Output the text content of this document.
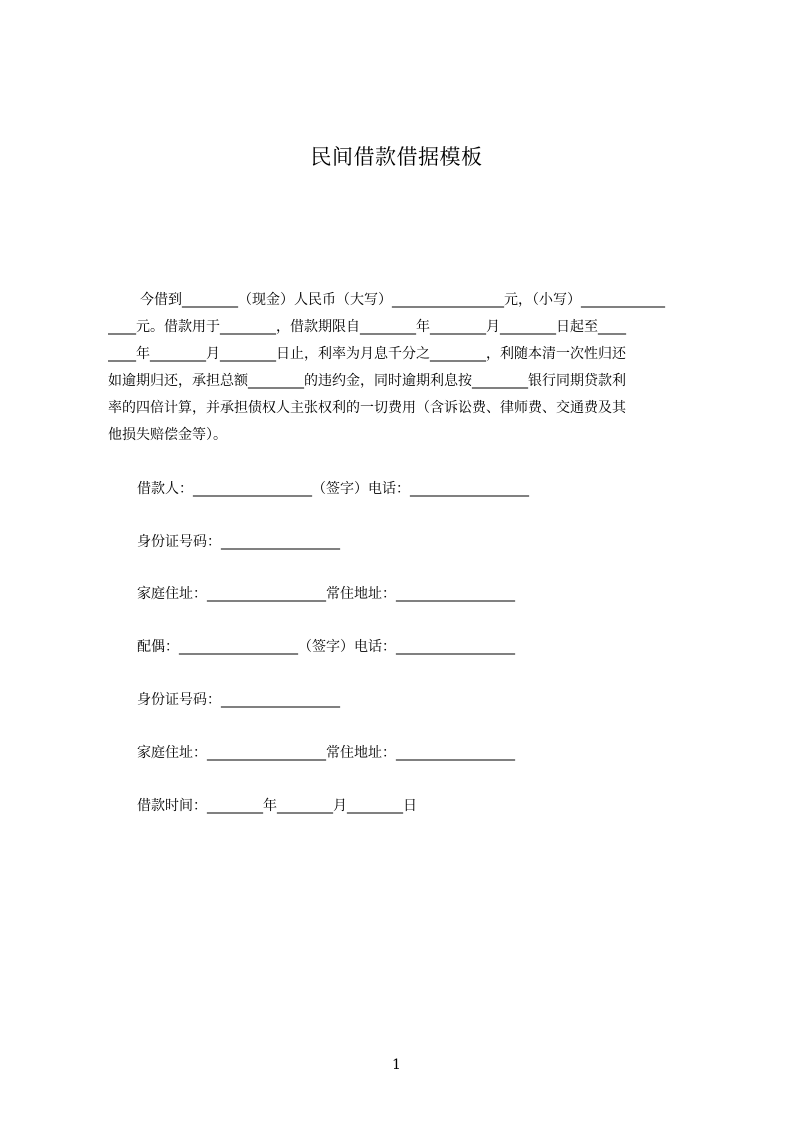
民间借款借据模板
今借到________（现金）人民币（大写）________________元，（小写）____________
____元。借款用于________，借款期限自________年________月________日起至____
____年________月________日止，利率为月息千分之________，利随本清一次性归还
如逾期归还，承担总额________的违约金，同时逾期利息按________银行同期贷款利
率的四倍计算，并承担债权人主张权利的一切费用（含诉讼费、律师费、交通费及其
他损失赔偿金等）。
借款人：_________________（签字）电话：_________________
身份证号码：_________________
家庭住址：_________________常住地址：_________________
配偶：_________________（签字）电话：_________________
身份证号码：_________________
家庭住址：_________________常住地址：_________________
借款时间：________年________月________日
1
